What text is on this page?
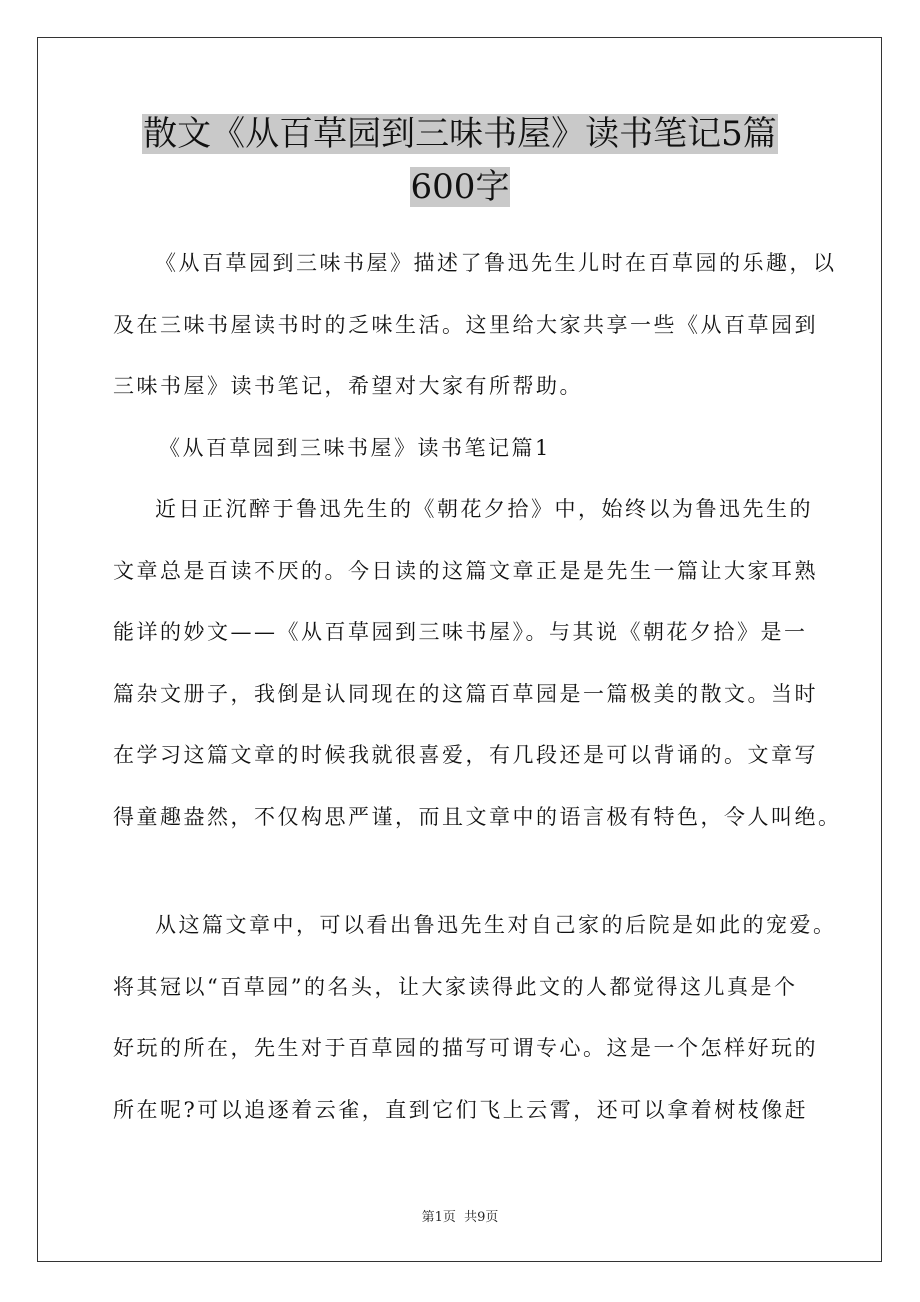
散文《从百草园到三味书屋》读书笔记5篇
600字
《从百草园到三味书屋》描述了鲁迅先生儿时在百草园的乐趣，以
及在三味书屋读书时的乏味生活。这里给大家共享一些《从百草园到
三味书屋》读书笔记，希望对大家有所帮助。
《从百草园到三味书屋》读书笔记篇1
近日正沉醉于鲁迅先生的《朝花夕拾》中，始终以为鲁迅先生的
文章总是百读不厌的。今日读的这篇文章正是是先生一篇让大家耳熟
能详的妙文——《从百草园到三味书屋》。与其说《朝花夕拾》是一
篇杂文册子，我倒是认同现在的这篇百草园是一篇极美的散文。当时
在学习这篇文章的时候我就很喜爱，有几段还是可以背诵的。文章写
得童趣盎然，不仅构思严谨，而且文章中的语言极有特色，令人叫绝。
从这篇文章中，可以看出鲁迅先生对自己家的后院是如此的宠爱。
将其冠以“百草园”的名头，让大家读得此文的人都觉得这儿真是个
好玩的所在，先生对于百草园的描写可谓专心。这是一个怎样好玩的
所在呢?可以追逐着云雀，直到它们飞上云霄，还可以拿着树枝像赶
第1页 共9页
